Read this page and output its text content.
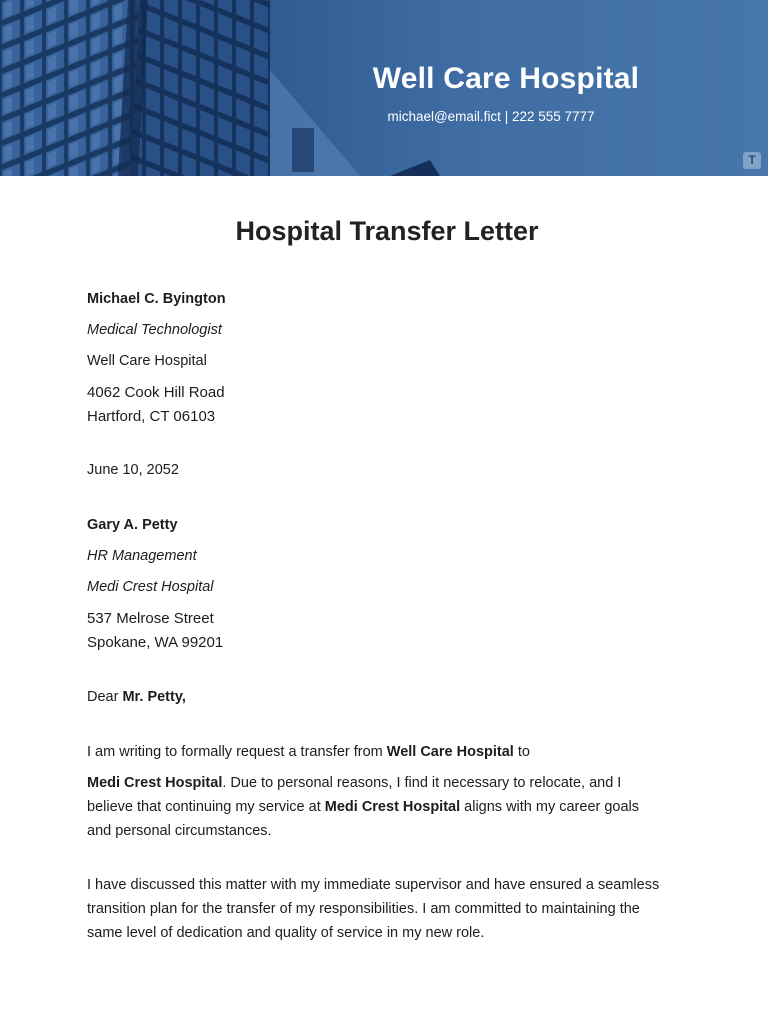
Well Care Hospital
michael@email.fict | 222 555 7777
T
Hospital Transfer Letter
Michael C. Byington
Medical Technologist
Well Care Hospital
4062 Cook Hill Road
Hartford, CT 06103
June 10, 2052
Gary A. Petty
HR Management
Medi Crest Hospital
537 Melrose Street
Spokane, WA 99201
Dear Mr. Petty,
I am writing to formally request a transfer from Well Care Hospital to
Medi Crest Hospital. Due to personal reasons, I find it necessary to relocate, and I
believe that continuing my service at Medi Crest Hospital aligns with my career goals
and personal circumstances.
I have discussed this matter with my immediate supervisor and have ensured a seamless
transition plan for the transfer of my responsibilities. I am committed to maintaining the
same level of dedication and quality of service in my new role.
